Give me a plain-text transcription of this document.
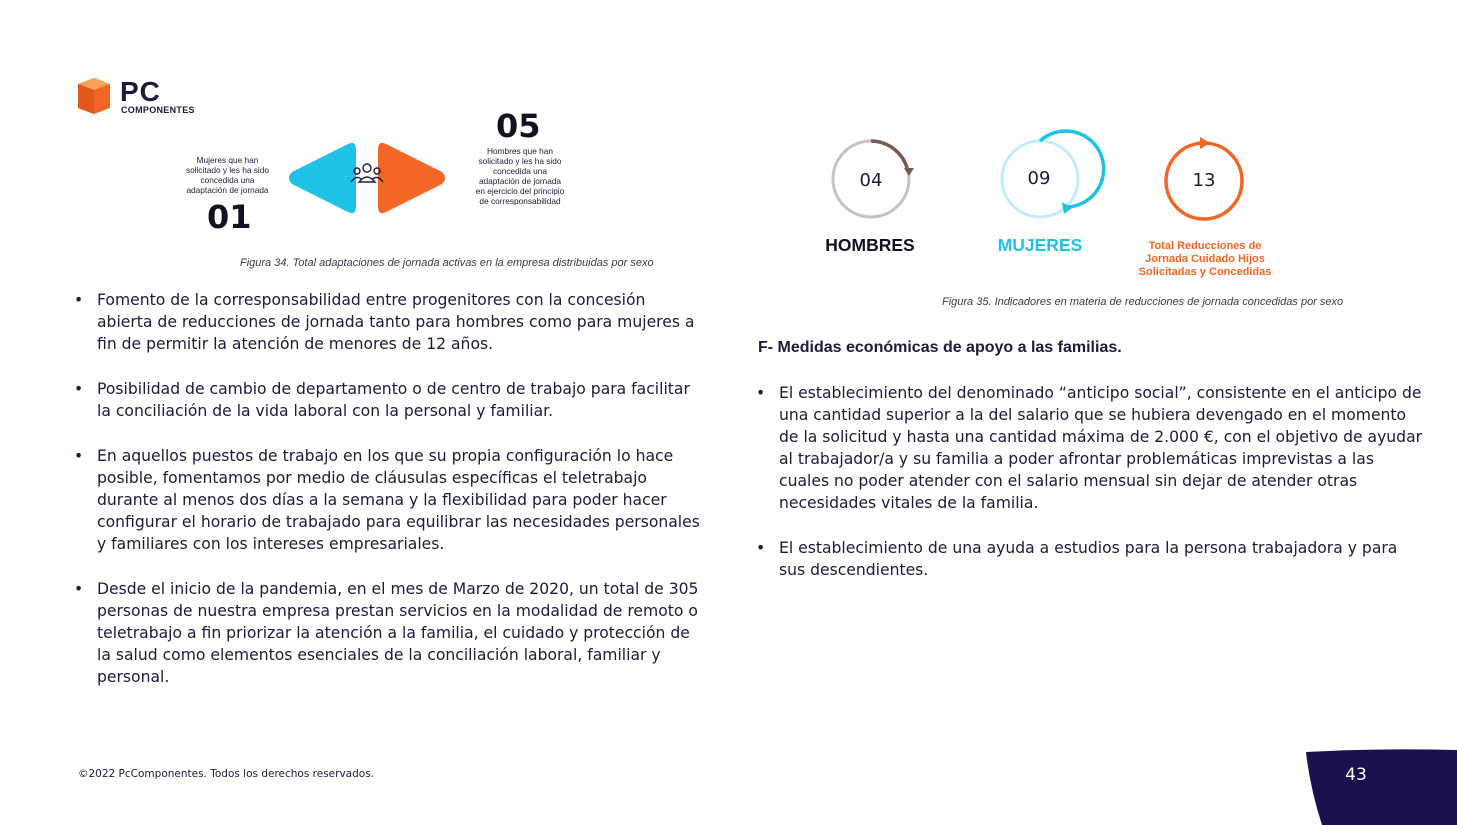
PC
COMPONENTES
Mujeres que han solicitado y les ha sido concedida una adaptación de jornada
01
05
Hombres que han solicitado y les ha sido concedida una adaptación de jornada en ejercicio del principio de corresponsabilidad
Figura 34. Total adaptaciones de jornada activas en la empresa distribuidas por sexo
• Fomento de la corresponsabilidad entre progenitores con la concesión abierta de reducciones de jornada tanto para hombres como para mujeres a fin de permitir la atención de menores de 12 años.
• Posibilidad de cambio de departamento o de centro de trabajo para facilitar la conciliación de la vida laboral con la personal y familiar.
• En aquellos puestos de trabajo en los que su propia configuración lo hace posible, fomentamos por medio de cláusulas específicas el teletrabajo durante al menos dos días a la semana y la flexibilidad para poder hacer configurar el horario de trabajado para equilibrar las necesidades personales y familiares con los intereses empresariales.
• Desde el inicio de la pandemia, en el mes de Marzo de 2020, un total de 305 personas de nuestra empresa prestan servicios en la modalidad de remoto o teletrabajo a fin priorizar la atención a la familia, el cuidado y protección de la salud como elementos esenciales de la conciliación laboral, familiar y personal.
04	09	13
HOMBRES	MUJERES	Total Reducciones de Jornada Cuidado Hijos Solicitadas y Concedidas
Figura 35. Indicadores en materia de reducciones de jornada concedidas por sexo
F- Medidas económicas de apoyo a las familias.
• El establecimiento del denominado “anticipo social”, consistente en el anticipo de una cantidad superior a la del salario que se hubiera devengado en el momento de la solicitud y hasta una cantidad máxima de 2.000 €, con el objetivo de ayudar al trabajador/a y su familia a poder afrontar problemáticas imprevistas a las cuales no poder atender con el salario mensual sin dejar de atender otras necesidades vitales de la familia.
• El establecimiento de una ayuda a estudios para la persona trabajadora y para sus descendientes.
©2022 PcComponentes. Todos los derechos reservados.	43
